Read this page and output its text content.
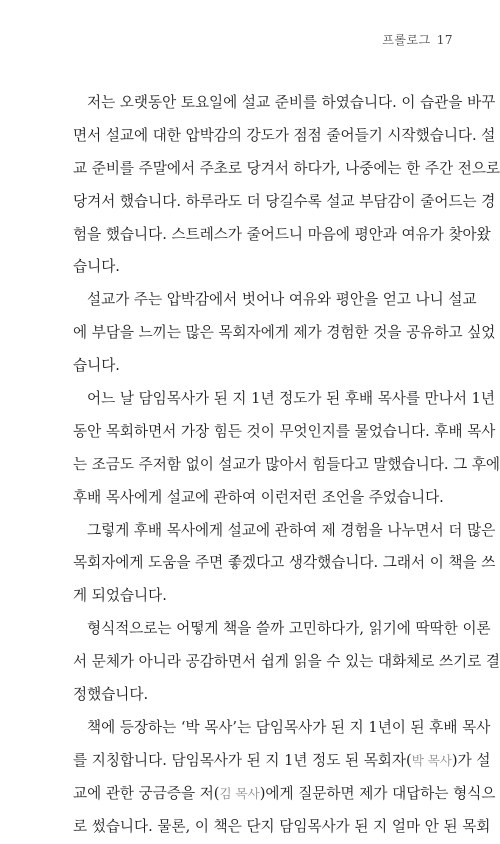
프롤로그 17
저는 오랫동안 토요일에 설교 준비를 하였습니다. 이 습관을 바꾸
면서 설교에 대한 압박감의 강도가 점점 줄어들기 시작했습니다. 설
교 준비를 주말에서 주초로 당겨서 하다가, 나중에는 한 주간 전으로
당겨서 했습니다. 하루라도 더 당길수록 설교 부담감이 줄어드는 경
험을 했습니다. 스트레스가 줄어드니 마음에 평안과 여유가 찾아왔
습니다.
설교가 주는 압박감에서 벗어나 여유와 평안을 얻고 나니 설교
에 부담을 느끼는 많은 목회자에게 제가 경험한 것을 공유하고 싶었
습니다.
어느 날 담임목사가 된 지 1년 정도가 된 후배 목사를 만나서 1년
동안 목회하면서 가장 힘든 것이 무엇인지를 물었습니다. 후배 목사
는 조금도 주저함 없이 설교가 많아서 힘들다고 말했습니다. 그 후에
후배 목사에게 설교에 관하여 이런저런 조언을 주었습니다.
그렇게 후배 목사에게 설교에 관하여 제 경험을 나누면서 더 많은
목회자에게 도움을 주면 좋겠다고 생각했습니다. 그래서 이 책을 쓰
게 되었습니다.
형식적으로는 어떻게 책을 쓸까 고민하다가, 읽기에 딱딱한 이론
서 문체가 아니라 공감하면서 쉽게 읽을 수 있는 대화체로 쓰기로 결
정했습니다.
책에 등장하는 ‘박 목사’는 담임목사가 된 지 1년이 된 후배 목사
를 지칭합니다. 담임목사가 된 지 1년 정도 된 목회자(박 목사)가 설
교에 관한 궁금증을 저(김 목사)에게 질문하면 제가 대답하는 형식으
로 썼습니다. 물론, 이 책은 단지 담임목사가 된 지 얼마 안 된 목회
